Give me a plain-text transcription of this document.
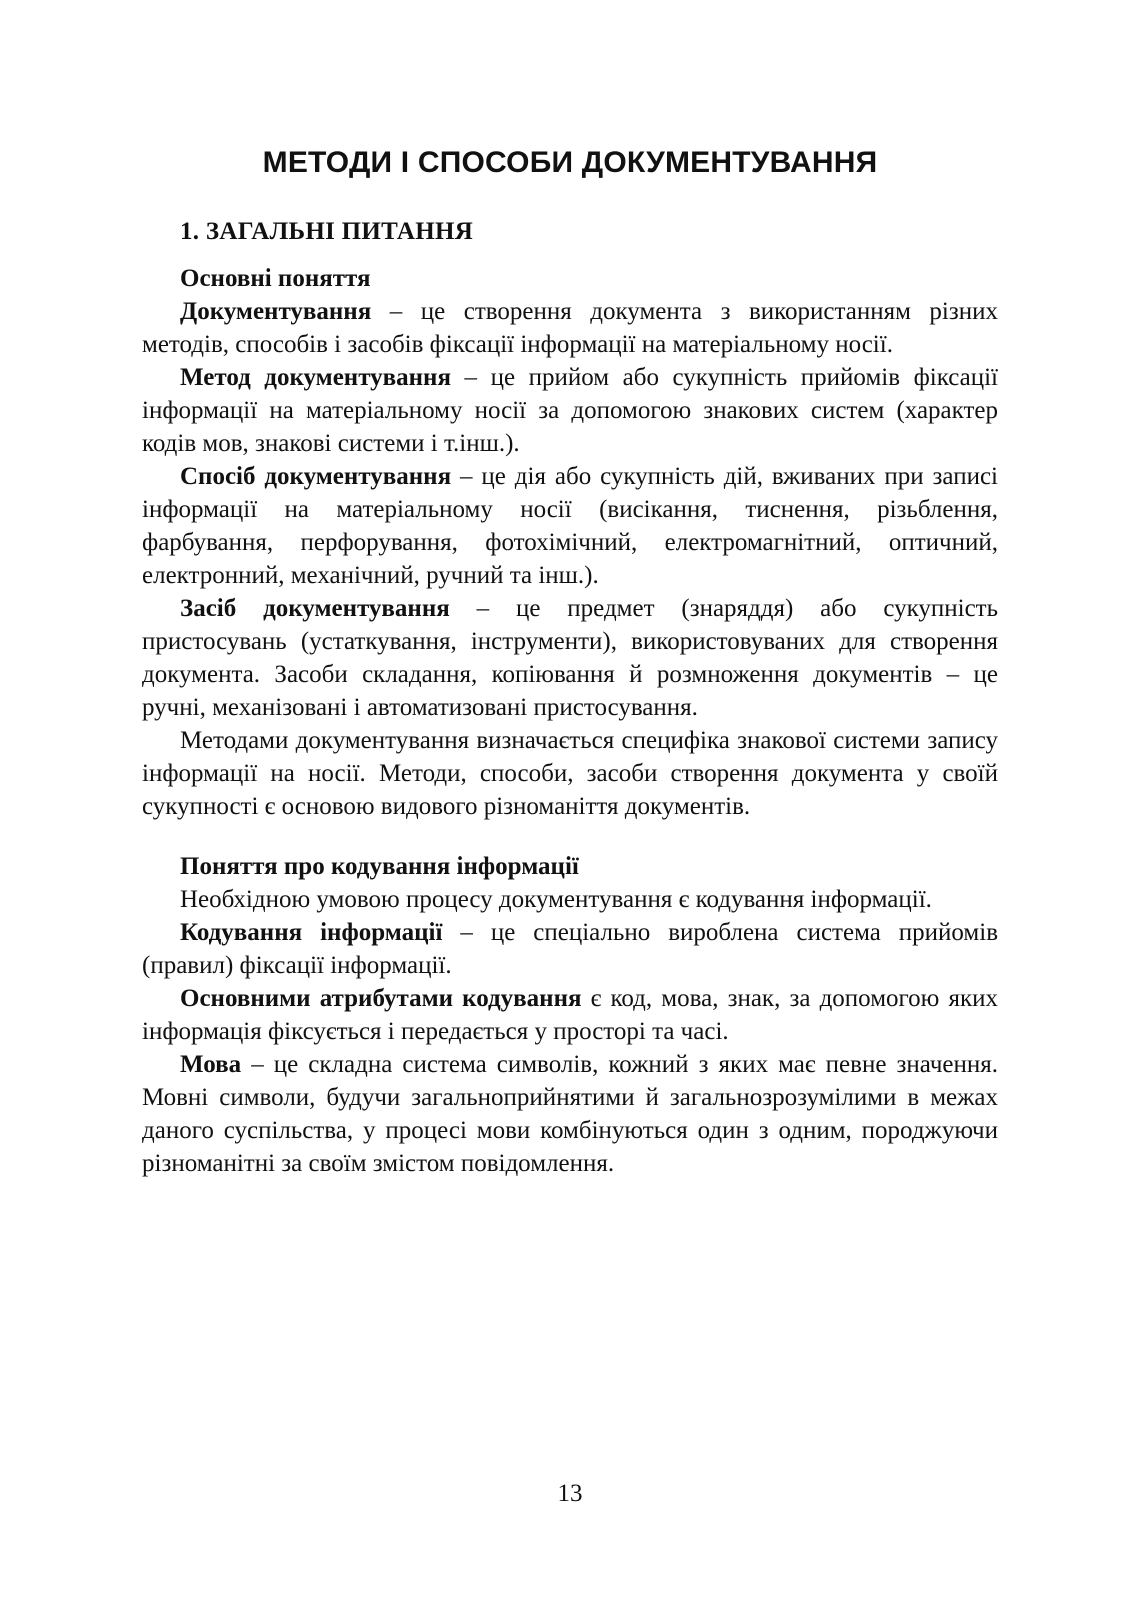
МЕТОДИ І СПОСОБИ ДОКУМЕНТУВАННЯ
1. ЗАГАЛЬНІ ПИТАННЯ

Основні поняття

Документування – це створення документа з використанням різних методів, способів і засобів фіксації інформації на матеріальному носії.

Метод документування – це прийом або сукупність прийомів фіксації інформації на матеріальному носії за допомогою знакових систем (характер кодів мов, знакові системи і т.інш.).

Спосіб документування – це дія або сукупність дій, вживаних при записі інформації на матеріальному носії (висікання, тиснення, різьблення, фарбування, перфорування, фотохімічний, електромагнітний, оптичний, електронний, механічний, ручний та інш.).

Засіб документування – це предмет (знаряддя) або сукупність пристосувань (устаткування, інструменти), використовуваних для створення документа. Засоби складання, копіювання й розмноження документів – це ручні, механізовані і автоматизовані пристосування.

Методами документування визначається специфіка знакової системи запису інформації на носії. Методи, способи, засоби створення документа у своїй сукупності є основою видового різноманіття документів.

Поняття про кодування інформації

Необхідною умовою процесу документування є кодування інформації.

Кодування інформації – це спеціально вироблена система прийомів (правил) фіксації інформації.

Основними атрибутами кодування є код, мова, знак, за допомогою яких інформація фіксується і передається у просторі та часі.

Мова – це складна система символів, кожний з яких має певне значення. Мовні символи, будучи загальноприйнятими й загальнозрозумілими в межах даного суспільства, у процесі мови комбінуються один з одним, породжуючи різноманітні за своїм змістом повідомлення.

13
